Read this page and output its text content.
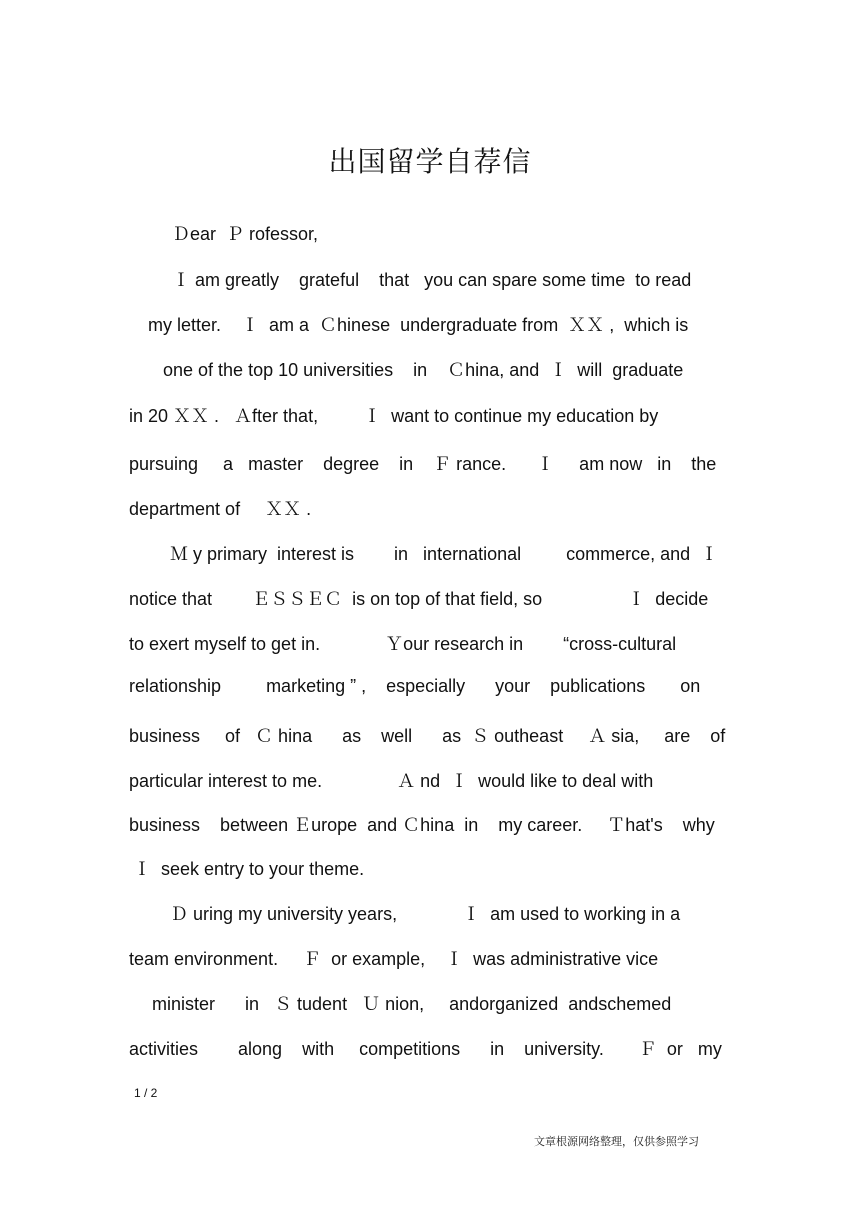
出国留学自荐信
Ｄear  Ｐ rofessor,
Ｉ am greatly    grateful    that   you can spare some time  to read
my letter.    Ｉ  am a  Ｃhinese  undergraduate from  ＸＸ ,  which is
one of the top 10 universities    in    Ｃhina, and  Ｉ  will  graduate
in 20 ＸＸ .   Ａfter that,         Ｉ  want to continue my education by
pursuing     a   master    degree    in    Ｆ rance.      Ｉ     am now   in    the
department of     ＸＸ .
Ｍ y primary  interest is        in   international         commerce, and  Ｉ
notice that        ＥＳＳＥＣ  is on top of that field, so                 Ｉ  decide
to exert myself to get in.             Ｙour research in        “cross-cultural
relationship         marketing ” ,    especially      your    publications       on
business     of   Ｃ hina      as    well      as  Ｓ outheast     Ａ sia,     are    of
particular interest to me.               Ａ nd  Ｉ  would like to deal with
business    between Ｅurope  and Ｃhina  in    my career.     Ｔhat's    why
Ｉ  seek entry to your theme.
Ｄ uring my university years,             Ｉ  am used to working in a
team environment.     Ｆ  or example,    Ｉ  was administrative vice
minister      in   Ｓ tudent   Ｕ nion,     andorganized  andschemed
activities        along    with     competitions      in    university.       Ｆ  or   my
1 / 2
文章根源网络整理，仅供参照学习
